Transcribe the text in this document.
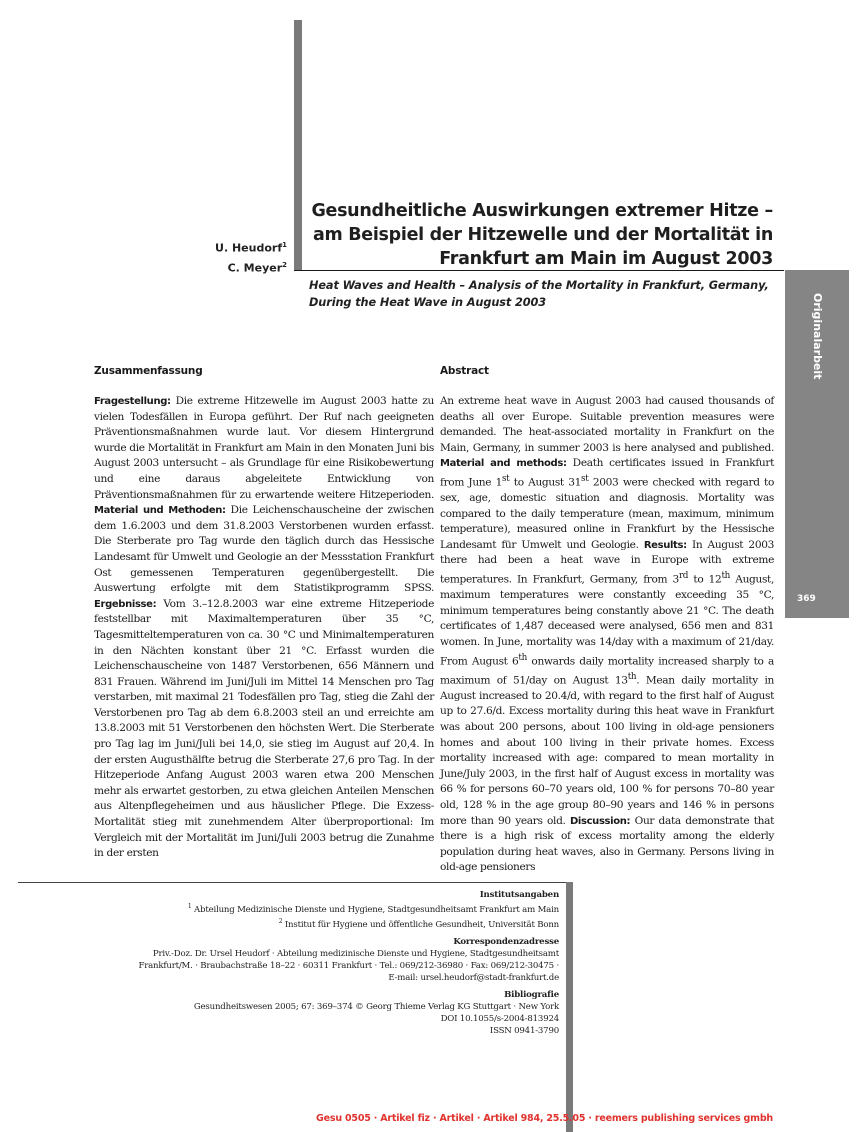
U. Heudorf$^1$
C. Meyer$^2$
Gesundheitliche Auswirkungen extremer Hitze – am Beispiel der Hitzewelle und der Mortalität in Frankfurt am Main im August 2003
Heat Waves and Health – Analysis of the Mortality in Frankfurt, Germany, During the Heat Wave in August 2003	Originalarbeit
369
Zusammenfassung

Fragestellung: Die extreme Hitzewelle im August 2003 hatte zu vielen Todesfällen in Europa geführt. Der Ruf nach geeigneten Präventionsmaßnahmen wurde laut. Vor diesem Hintergrund wurde die Mortalität in Frankfurt am Main in den Monaten Juni bis August 2003 untersucht – als Grundlage für eine Risikobewertung und eine daraus abgeleitete Entwicklung von Präventionsmaßnahmen für zu erwartende weitere Hitzeperioden. Material und Methoden: Die Leichenschauscheine der zwischen dem 1.6.2003 und dem 31.8.2003 Verstorbenen wurden erfasst. Die Sterberate pro Tag wurde den täglich durch das Hessische Landesamt für Umwelt und Geologie an der Messstation Frankfurt Ost gemessenen Temperaturen gegenübergestellt. Die Auswertung erfolgte mit dem Statistikprogramm SPSS. Ergebnisse: Vom 3.–12.8.2003 war eine extreme Hitzeperiode feststellbar mit Maximaltemperaturen über 35 °C, Tagesmitteltemperaturen von ca. 30 °C und Minimaltemperaturen in den Nächten konstant über 21 °C. Erfasst wurden die Leichenschauscheine von 1487 Verstorbenen, 656 Männern und 831 Frauen. Während im Juni/Juli im Mittel 14 Menschen pro Tag verstarben, mit maximal 21 Todesfällen pro Tag, stieg die Zahl der Verstorbenen pro Tag ab dem 6.8.2003 steil an und erreichte am 13.8.2003 mit 51 Verstorbenen den höchsten Wert. Die Sterberate pro Tag lag im Juni/Juli bei 14,0, sie stieg im August auf 20,4. In der ersten Augusthälfte betrug die Sterberate 27,6 pro Tag. In der Hitzeperiode Anfang August 2003 waren etwa 200 Menschen mehr als erwartet gestorben, zu etwa gleichen Anteilen Menschen aus Altenpflegeheimen und aus häuslicher Pflege. Die Exzess-Mortalität stieg mit zunehmendem Alter überproportional: Im Vergleich mit der Mortalität im Juni/Juli 2003 betrug die Zunahme in der ersten

Abstract

An extreme heat wave in August 2003 had caused thousands of deaths all over Europe. Suitable prevention measures were demanded. The heat-associated mortality in Frankfurt on the Main, Germany, in summer 2003 is here analysed and published. Material and methods: Death certificates issued in Frankfurt from June 1st to August 31st 2003 were checked with regard to sex, age, domestic situation and diagnosis. Mortality was compared to the daily temperature (mean, maximum, minimum temperature), measured online in Frankfurt by the Hessische Landesamt für Umwelt und Geologie. Results: In August 2003 there had been a heat wave in Europe with extreme temperatures. In Frankfurt, Germany, from 3rd to 12th August, maximum temperatures were constantly exceeding 35 °C, minimum temperatures being constantly above 21 °C. The death certificates of 1,487 deceased were analysed, 656 men and 831 women. In June, mortality was 14/day with a maximum of 21/day. From August 6th onwards daily mortality increased sharply to a maximum of 51/day on August 13th. Mean daily mortality in August increased to 20.4/d, with regard to the first half of August up to 27.6/d. Excess mortality during this heat wave in Frankfurt was about 200 persons, about 100 living in old-age pensioners homes and about 100 living in their private homes. Excess mortality increased with age: compared to mean mortality in June/July 2003, in the first half of August excess in mortality was 66 % for persons 60–70 years old, 100 % for persons 70–80 year old, 128 % in the age group 80–90 years and 146 % in persons more than 90 years old. Discussion: Our data demonstrate that there is a high risk of excess mortality among the elderly population during heat waves, also in Germany. Persons living in old-age pensioners

Institutsangaben
$^1$ Abteilung Medizinische Dienste und Hygiene, Stadtgesundheitsamt Frankfurt am Main
$^2$ Institut für Hygiene und öffentliche Gesundheit, Universität Bonn
Korrespondenzadresse
Priv.-Doz. Dr. Ursel Heudorf · Abteilung medizinische Dienste und Hygiene, Stadtgesundheitsamt
Frankfurt/M. · Braubachstraße 18–22 · 60311 Frankfurt · Tel.: 069/212-36980 · Fax: 069/212-30475 ·
E-mail: ursel.heudorf@stadt-frankfurt.de
Bibliografie
Gesundheitswesen 2005; 67: 369–374 © Georg Thieme Verlag KG Stuttgart · New York
DOI 10.1055/s-2004-813924
ISSN 0941-3790
Gesu 0505 · Artikel fiz · Artikel · Artikel 984, 25.5.05 · reemers publishing services gmbh
